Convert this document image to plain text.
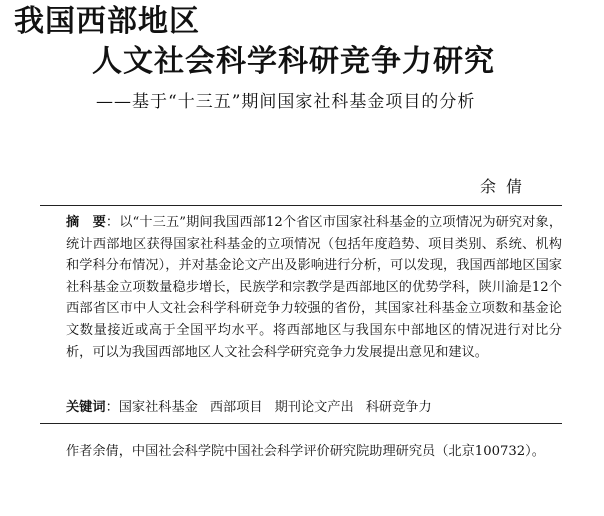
我国西部地区
人文社会科学科研竞争力研究
——基于“十三五”期间国家社科基金项目的分析
余倩
摘　要：以“十三五”期间我国西部12个省区市国家社科基金的立项情况为研究对象，统计西部地区获得国家社科基金的立项情况（包括年度趋势、项目类别、系统、机构和学科分布情况），并对基金论文产出及影响进行分析，可以发现，我国西部地区国家社科基金立项数量稳步增长，民族学和宗教学是西部地区的优势学科，陕川渝是12个西部省区市中人文社会科学科研竞争力较强的省份，其国家社科基金立项数和基金论文数量接近或高于全国平均水平。将西部地区与我国东中部地区的情况进行对比分析，可以为我国西部地区人文社会科学研究竞争力发展提出意见和建议。
关键词：国家社科基金 西部项目 期刊论文产出 科研竞争力
作者余倩，中国社会科学院中国社会科学评价研究院助理研究员（北京100732）。
